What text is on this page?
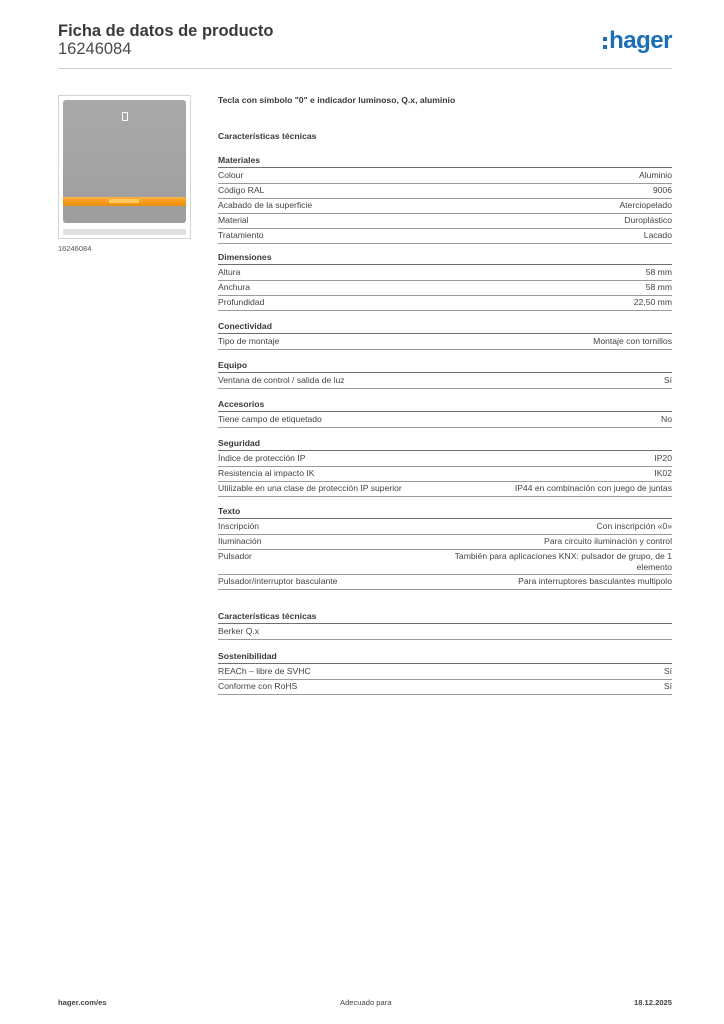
Ficha de datos de producto
16246084	hager
16246084
Tecla con símbolo "0" e indicador luminoso, Q.x, aluminio
Características técnicas
Materiales
Colour	Aluminio
Código RAL	9006
Acabado de la superficie	Aterciopelado
Material	Duroplástico
Tratamiento	Lacado
Dimensiones
Altura	58 mm
Anchura	58 mm
Profundidad	22,50 mm
Conectividad
Tipo de montaje	Montaje con tornillos
Equipo
Ventana de control / salida de luz	Sí
Accesorios
Tiene campo de etiquetado	No
Seguridad
Índice de protección IP	IP20
Resistencia al impacto IK	IK02
Utilizable en una clase de protección IP superior	IP44 en combinación con juego de juntas
Texto
Inscripción	Con inscripción «0»
Iluminación	Para circuito iluminación y control
Pulsador	También para aplicaciones KNX: pulsador de grupo, de 1
elemento
Pulsador/interruptor basculante	Para interruptores basculantes multipolo
Características técnicas
Berker Q.x
Sostenibilidad
REACh – libre de SVHC	Sí
Conforme con RoHS	Sí
hager.com/es	Adecuado para	18.12.2025
